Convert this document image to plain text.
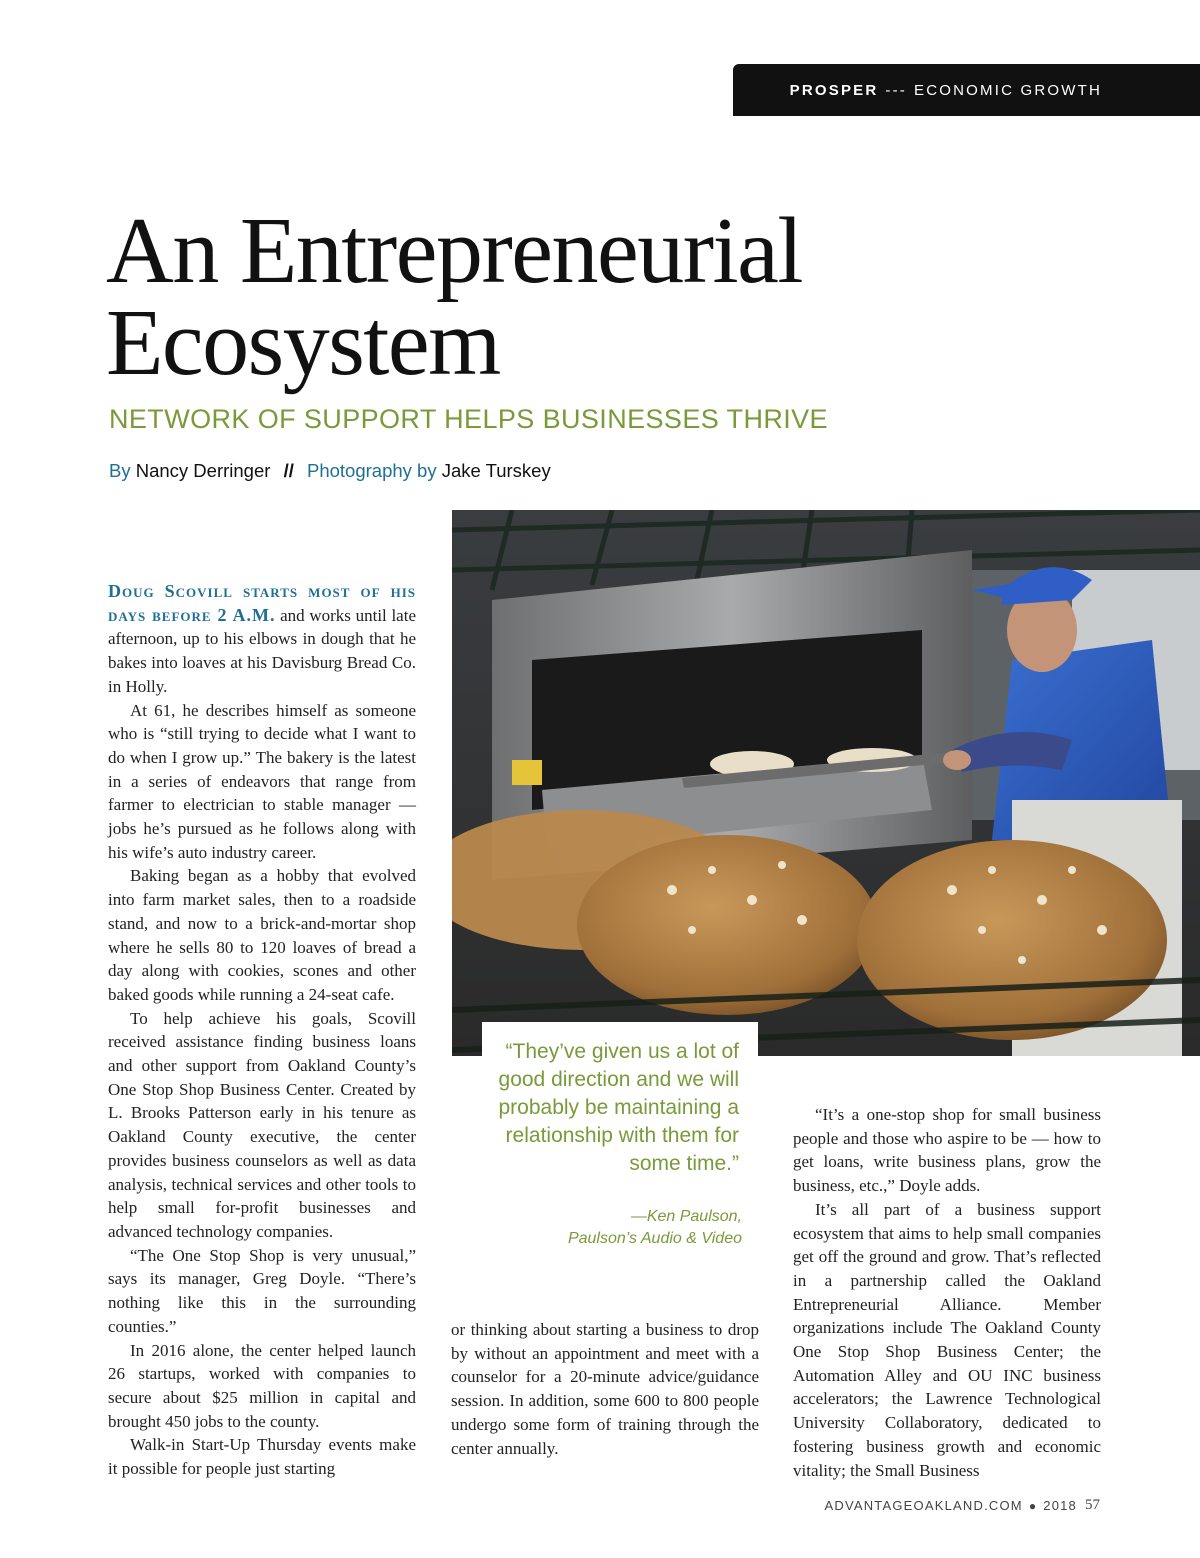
PROSPER --- ECONOMIC GROWTH
An Entrepreneurial
Ecosystem
NETWORK OF SUPPORT HELPS BUSINESSES THRIVE
By Nancy Derringer // Photography by Jake Turskey

“They’ve given us a lot of good direction and we will probably be maintaining a relationship with them for some time.”

—Ken Paulson,
Paulson’s Audio & Video

Doug Scovill starts most of his days before 2 A.M. and works until late afternoon, up to his elbows in dough that he bakes into loaves at his Davisburg Bread Co. in Holly.

At 61, he describes himself as someone who is “still trying to decide what I want to do when I grow up.” The bakery is the latest in a series of endeavors that range from farmer to electrician to stable manager — jobs he’s pursued as he follows along with his wife’s auto industry career.

Baking began as a hobby that evolved into farm market sales, then to a roadside stand, and now to a brick-and-mortar shop where he sells 80 to 120 loaves of bread a day along with cookies, scones and other baked goods while running a 24-seat cafe.

To help achieve his goals, Scovill received assistance finding business loans and other support from Oakland County’s One Stop Shop Business Center. Created by L. Brooks Patterson early in his tenure as Oakland County executive, the center provides business counselors as well as data analysis, technical services and other tools to help small for-profit businesses and advanced technology companies.

“The One Stop Shop is very unusual,” says its manager, Greg Doyle. “There’s nothing like this in the surrounding counties.”

In 2016 alone, the center helped launch 26 startups, worked with companies to secure about $25 million in capital and brought 450 jobs to the county.

Walk-in Start-Up Thursday events make it possible for people just starting

or thinking about starting a business to drop by without an appointment and meet with a counselor for a 20-minute advice/guidance session. In addition, some 600 to 800 people undergo some form of training through the center annually.

“It’s a one-stop shop for small business people and those who aspire to be — how to get loans, write business plans, grow the business, etc.,” Doyle adds.

It’s all part of a business support ecosystem that aims to help small companies get off the ground and grow. That’s reflected in a partnership called the Oakland Entrepreneurial Alliance. Member organizations include The Oakland County One Stop Shop Business Center; the Automation Alley and OU INC business accelerators; the Lawrence Technological University Collaboratory, dedicated to fostering business growth and economic vitality; the Small Business

ADVANTAGEOAKLAND.COM ● 2018 57
